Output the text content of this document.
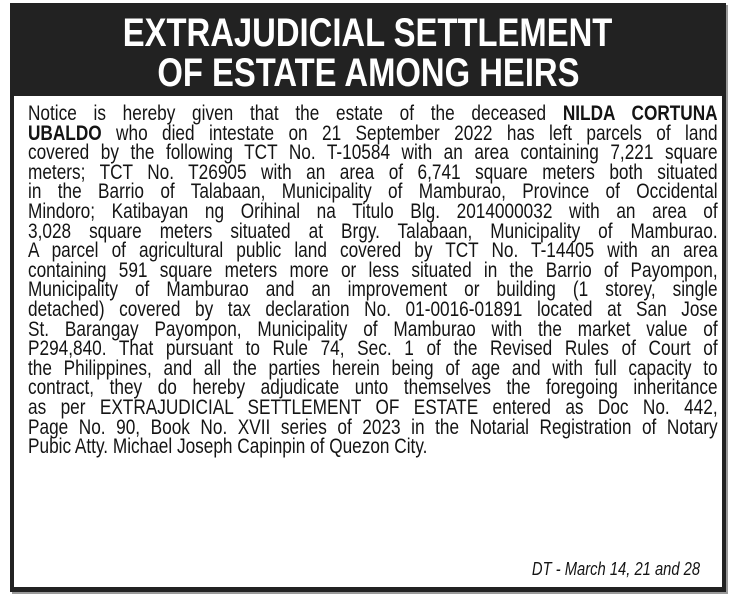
EXTRAJUDICIAL SETTLEMENT
OF ESTATE AMONG HEIRS
Notice is hereby given that the estate of the deceased NILDA CORTUNA
UBALDO who died intestate on 21 September 2022 has left parcels of land
covered by the following TCT No. T-10584 with an area containing 7,221 square
meters; TCT No. T26905 with an area of 6,741 square meters both situated
in the Barrio of Talabaan, Municipality of Mamburao, Province of Occidental
Mindoro; Katibayan ng Orihinal na Titulo Blg. 2014000032 with an area of
3,028 square meters situated at Brgy. Talabaan, Municipality of Mamburao.
A parcel of agricultural public land covered by TCT No. T-14405 with an area
containing 591 square meters more or less situated in the Barrio of Payompon,
Municipality of Mamburao and an improvement or building (1 storey, single
detached) covered by tax declaration No. 01-0016-01891 located at San Jose
St. Barangay Payompon, Municipality of Mamburao with the market value of
P294,840. That pursuant to Rule 74, Sec. 1 of the Revised Rules of Court of
the Philippines, and all the parties herein being of age and with full capacity to
contract, they do hereby adjudicate unto themselves the foregoing inheritance
as per EXTRAJUDICIAL SETTLEMENT OF ESTATE entered as Doc No. 442,
Page No. 90, Book No. XVII series of 2023 in the Notarial Registration of Notary
Pubic Atty. Michael Joseph Capinpin of Quezon City.
DT - March 14, 21 and 28
